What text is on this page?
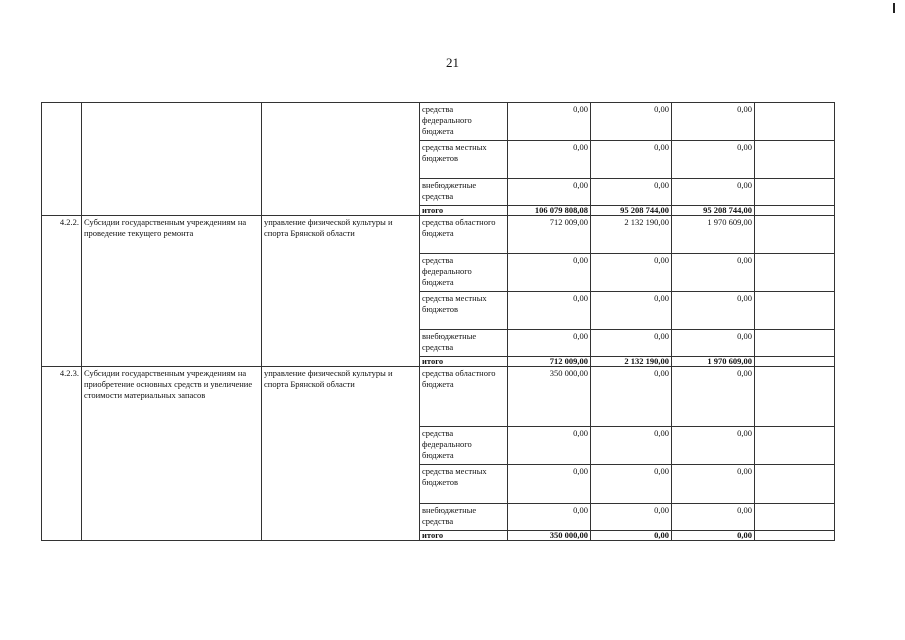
21
			средства федерального бюджета	0,00	0,00	0,00	
			средства местных бюджетов	0,00	0,00	0,00	
			внебюджетные средства	0,00	0,00	0,00	
			итого	106 079 808,08	95 208 744,00	95 208 744,00	
4.2.2.	Субсидии государственным учреждениям на проведение текущего ремонта	управление физической культуры и спорта Брянской области	средства областного бюджета	712 009,00	2 132 190,00	1 970 609,00	
			средства федерального бюджета	0,00	0,00	0,00	
			средства местных бюджетов	0,00	0,00	0,00	
			внебюджетные средства	0,00	0,00	0,00	
			итого	712 009,00	2 132 190,00	1 970 609,00	
4.2.3.	Субсидии государственным учреждениям на приобретение основных средств и увеличение стоимости материальных запасов	управление физической культуры и спорта Брянской области	средства областного бюджета	350 000,00	0,00	0,00	
			средства федерального бюджета	0,00	0,00	0,00	
			средства местных бюджетов	0,00	0,00	0,00	
			внебюджетные средства	0,00	0,00	0,00	
			итого	350 000,00	0,00	0,00	
